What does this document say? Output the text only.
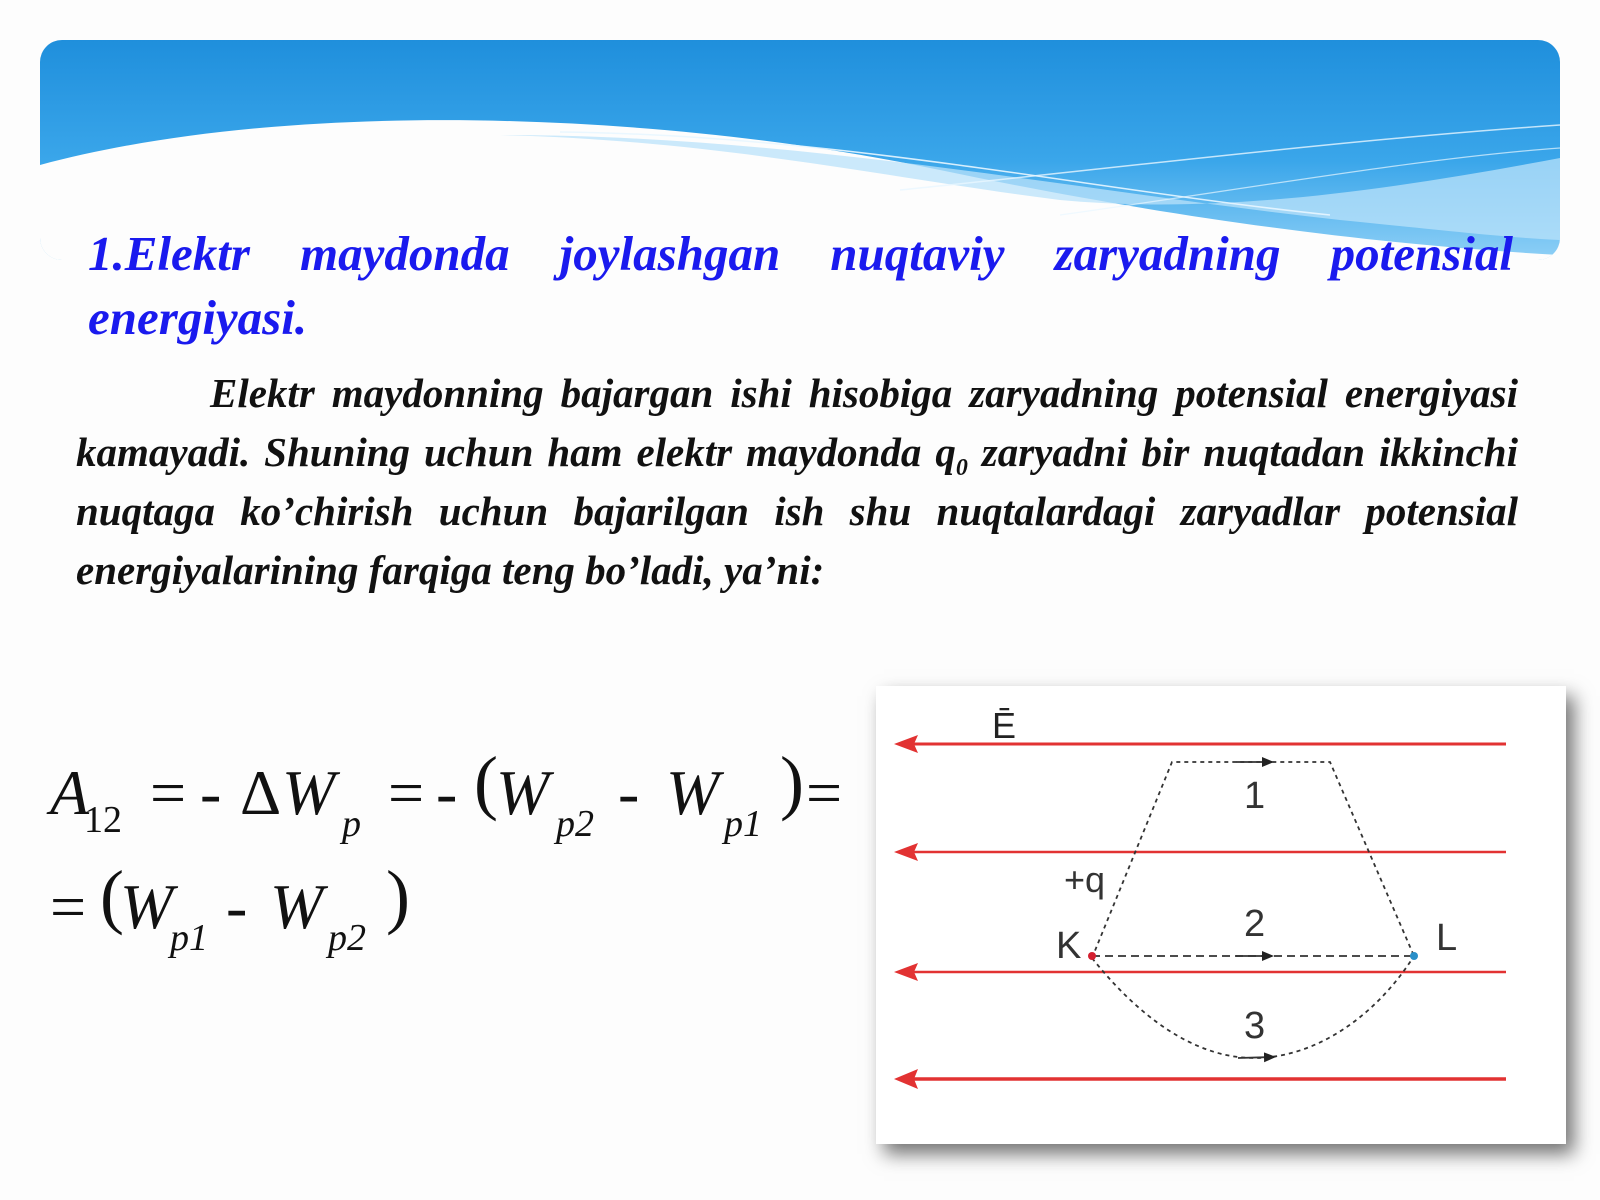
1.Elektr maydonda joylashgan nuqtaviy zaryadning potensial energiyasi.

Elektr maydonning bajargan ishi hisobiga zaryadning potensial energiyasi kamayadi. Shuning uchun ham elektr maydonda $q_0$ zaryadni bir nuqtadan ikkinchi nuqtaga ko’chirish uchun bajarilgan ish shu nuqtalardagi zaryadlar potensial energiyalarining farqiga teng bo’ladi, ya’ni:

A
12 = - Δ W p = - (
W p2 - W p1
) =
= (
W
p1 - W p2
)
Ē
1
2
3
+q
K	L
